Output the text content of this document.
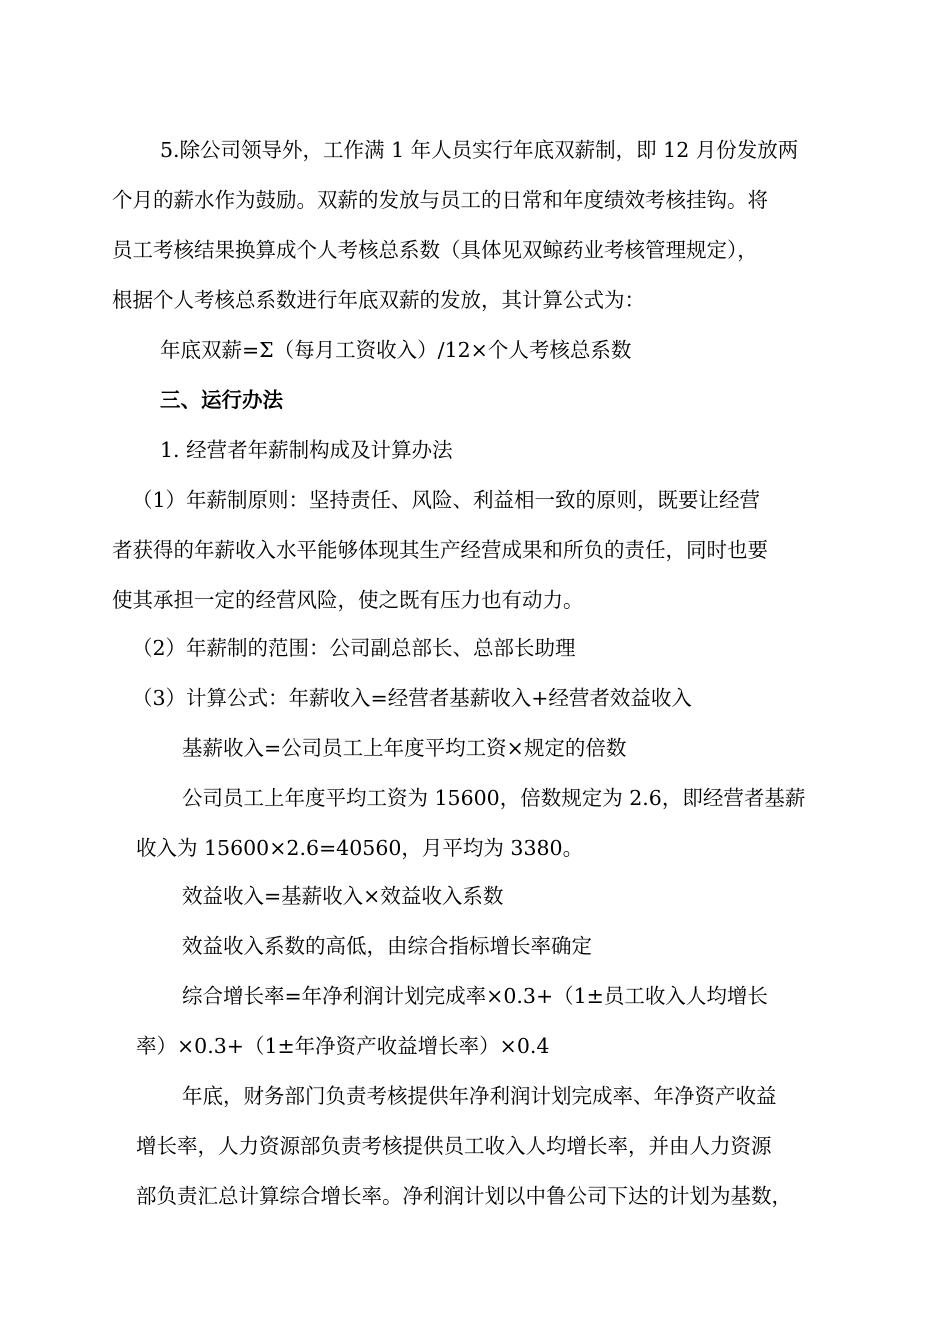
5.除公司领导外，工作满 1 年人员实行年底双薪制，即 12 月份发放两
个月的薪水作为鼓励。双薪的发放与员工的日常和年度绩效考核挂钩。将
员工考核结果换算成个人考核总系数（具体见双鲸药业考核管理规定），
根据个人考核总系数进行年底双薪的发放，其计算公式为：
年底双薪=Σ（每月工资收入）/12×个人考核总系数
三、运行办法
1. 经营者年薪制构成及计算办法
（1）年薪制原则：坚持责任、风险、利益相一致的原则，既要让经营
者获得的年薪收入水平能够体现其生产经营成果和所负的责任，同时也要
使其承担一定的经营风险，使之既有压力也有动力。
（2）年薪制的范围：公司副总部长、总部长助理
（3）计算公式：年薪收入=经营者基薪收入+经营者效益收入
基薪收入=公司员工上年度平均工资×规定的倍数
公司员工上年度平均工资为 15600，倍数规定为 2.6，即经营者基薪
收入为 15600×2.6=40560，月平均为 3380。
效益收入=基薪收入×效益收入系数
效益收入系数的高低，由综合指标增长率确定
综合增长率=年净利润计划完成率×0.3+（1±员工收入人均增长
率）×0.3+（1±年净资产收益增长率）×0.4
年底，财务部门负责考核提供年净利润计划完成率、年净资产收益
增长率，人力资源部负责考核提供员工收入人均增长率，并由人力资源
部负责汇总计算综合增长率。净利润计划以中鲁公司下达的计划为基数，
